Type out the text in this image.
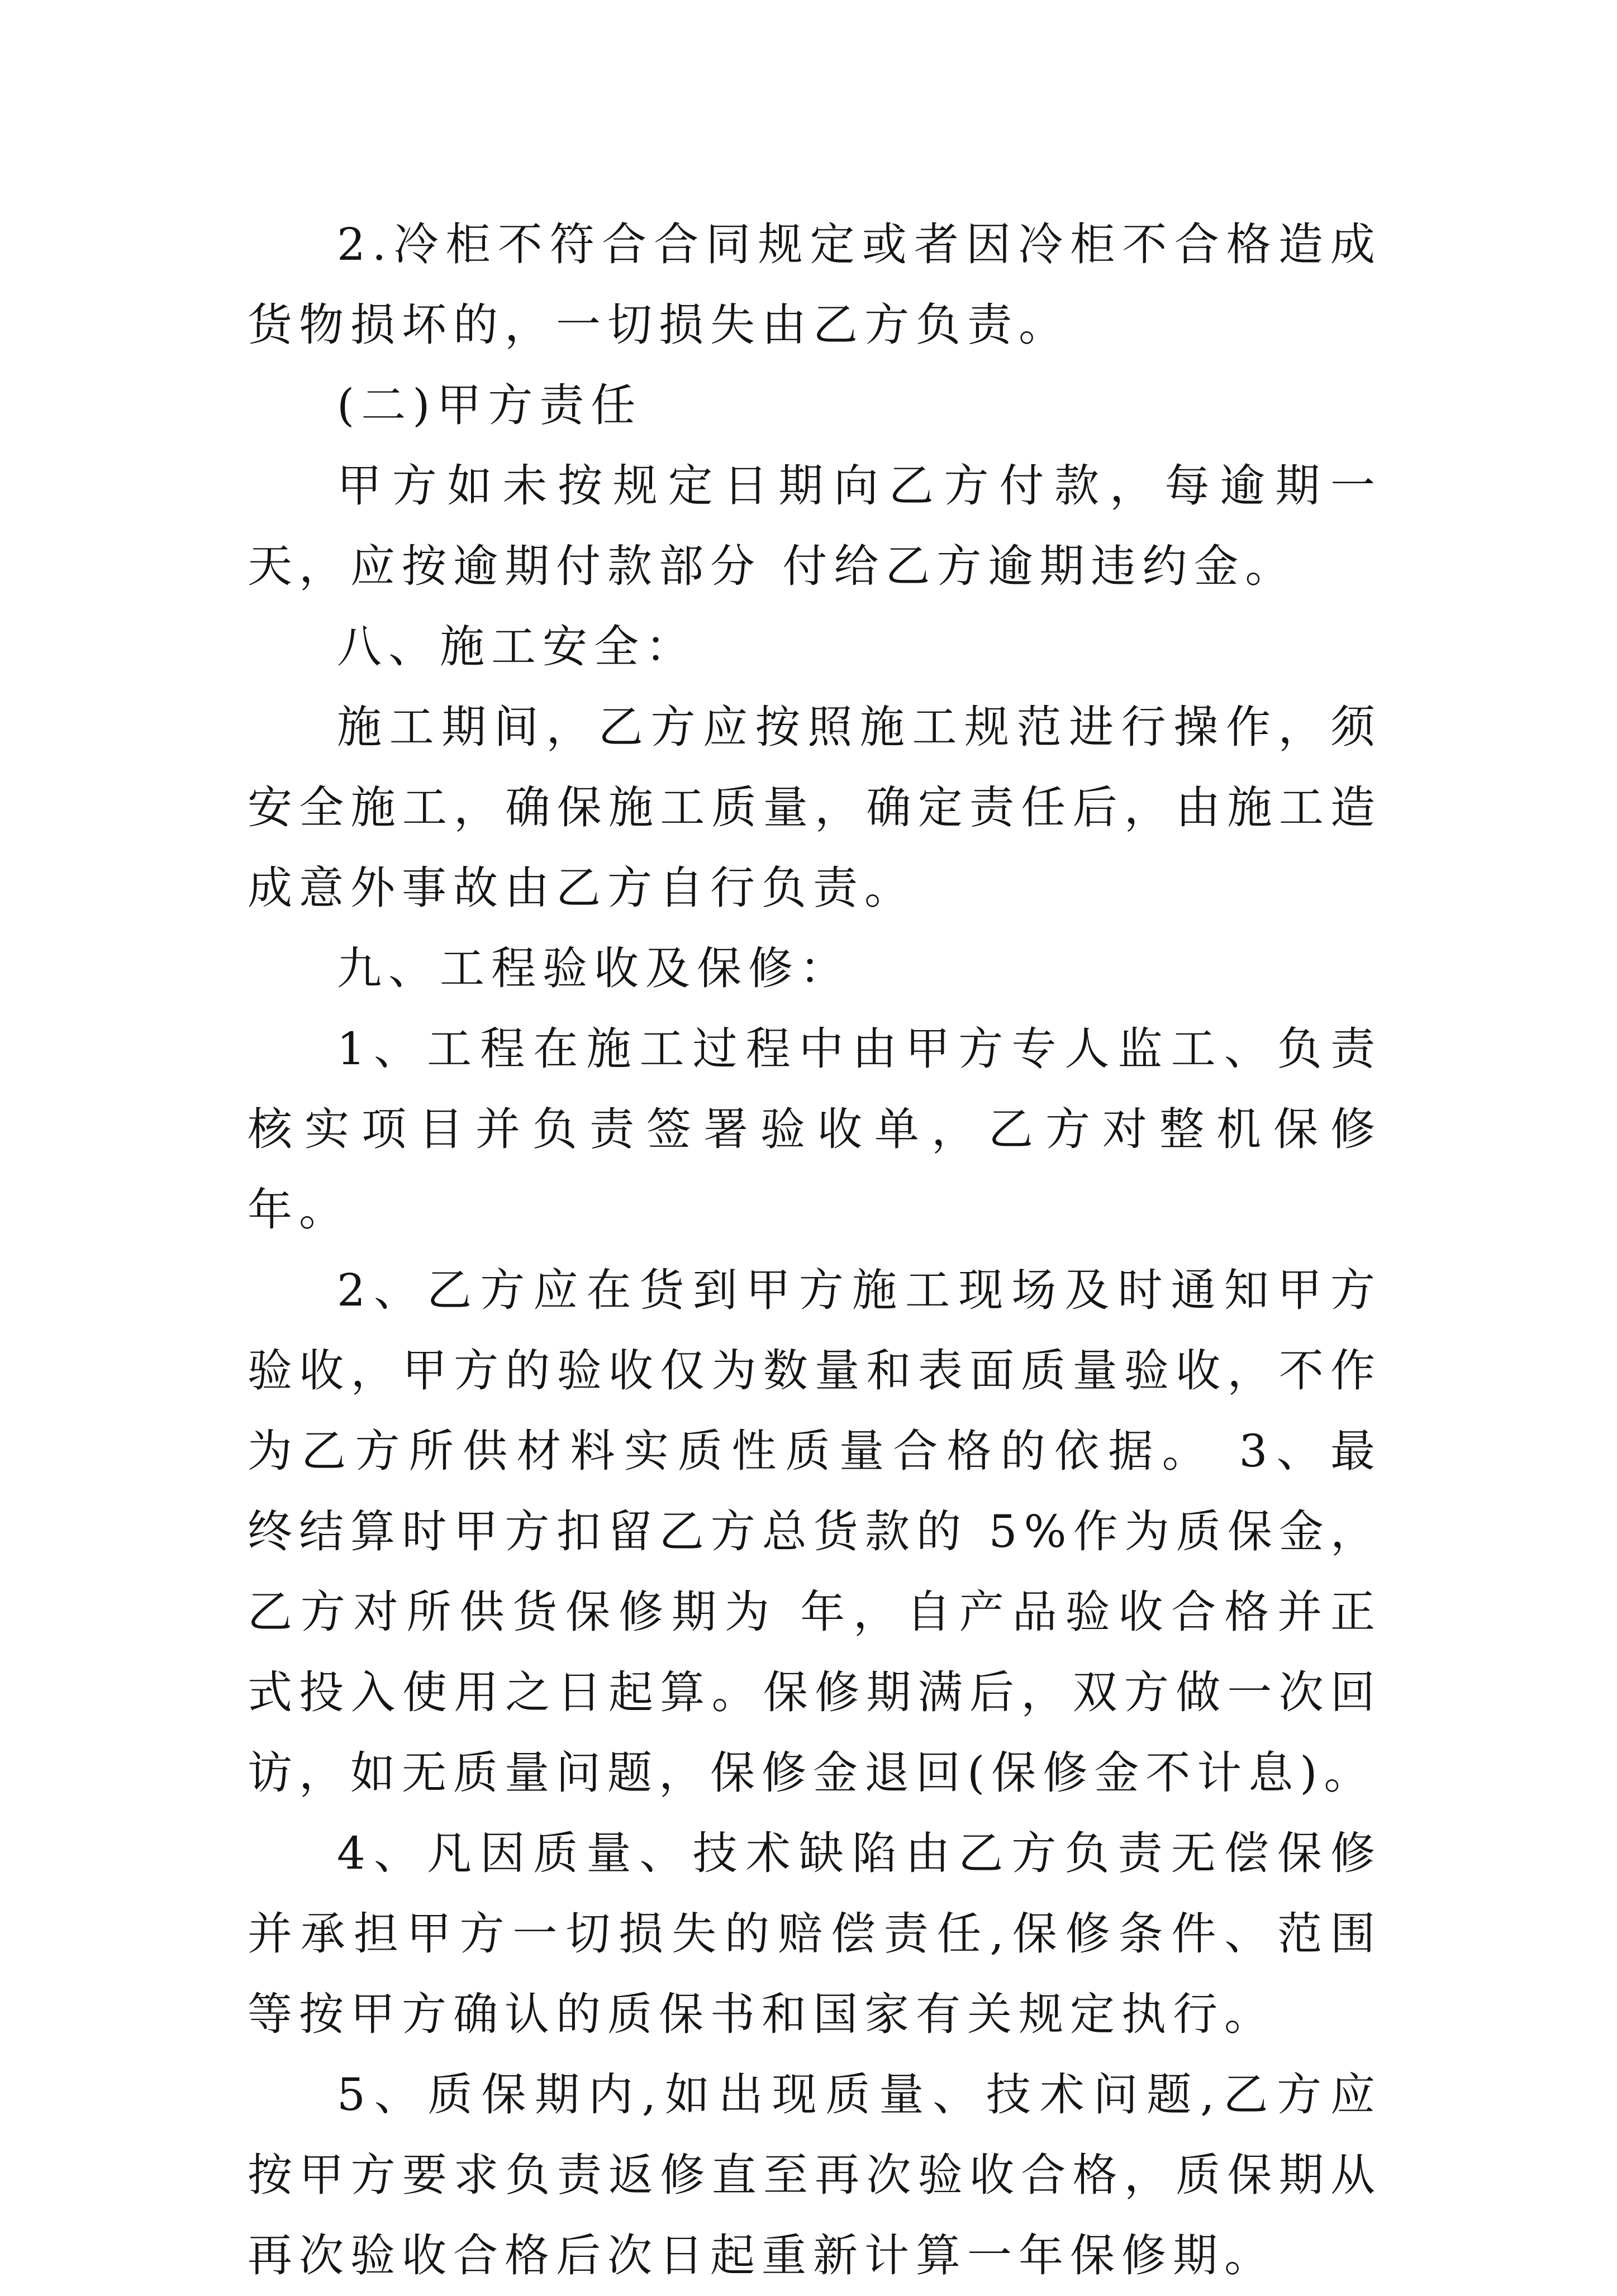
2.冷柜不符合合同规定或者因冷柜不合格造成货物损坏的，一切损失由乙方负责。

(二)甲方责任

甲方如未按规定日期向乙方付款，每逾期一天，应按逾期付款部分 付给乙方逾期违约金。

八、施工安全：

施工期间，乙方应按照施工规范进行操作，须安全施工，确保施工质量，确定责任后，由施工造成意外事故由乙方自行负责。

九、工程验收及保修：

1、工程在施工过程中由甲方专人监工、负责核实项目并负责签署验收单，乙方对整机保修 年。

2、乙方应在货到甲方施工现场及时通知甲方验收，甲方的验收仅为数量和表面质量验收，不作为乙方所供材料实质性质量合格的依据。 3、最终结算时甲方扣留乙方总货款的 5%作为质保金，乙方对所供货保修期为 年，自产品验收合格并正式投入使用之日起算。保修期满后，双方做一次回访，如无质量问题，保修金退回(保修金不计息)。

4、凡因质量、技术缺陷由乙方负责无偿保修并承担甲方一切损失的赔偿责任,保修条件、范围等按甲方确认的质保书和国家有关规定执行。

5、质保期内,如出现质量、技术问题,乙方应按甲方要求负责返修直至再次验收合格，质保期从再次验收合格后次日起重新计算一年保修期。
